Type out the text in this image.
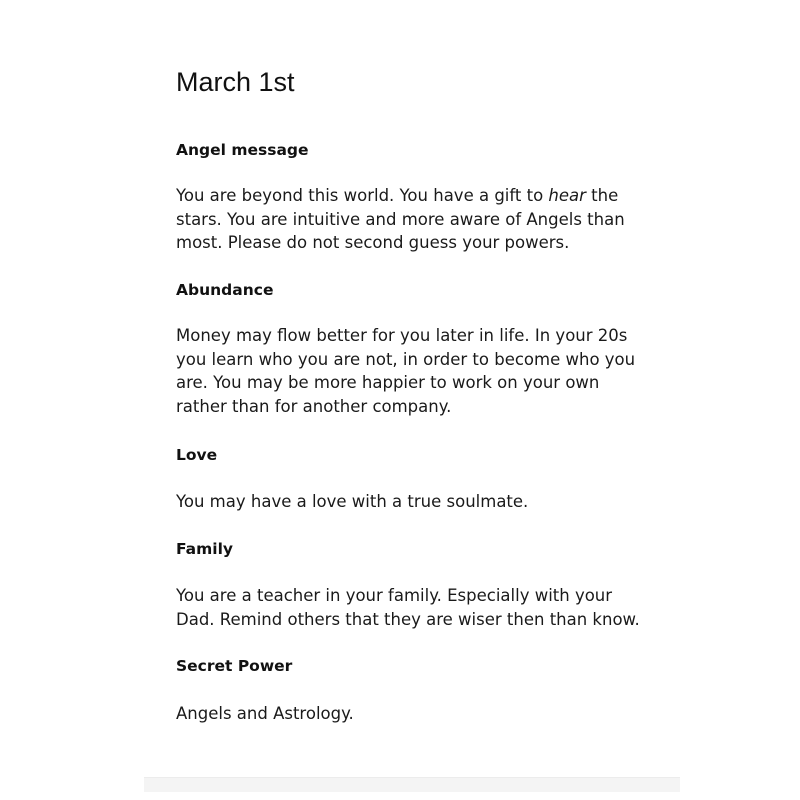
March 1st
Angel message

You are beyond this world. You have a gift to hear the
stars. You are intuitive and more aware of Angels than
most. Please do not second guess your powers.

Abundance

Money may flow better for you later in life. In your 20s
you learn who you are not, in order to become who you
are. You may be more happier to work on your own
rather than for another company.

Love

You may have a love with a true soulmate.

Family

You are a teacher in your family. Especially with your
Dad. Remind others that they are wiser then than know.

Secret Power

Angels and Astrology.
